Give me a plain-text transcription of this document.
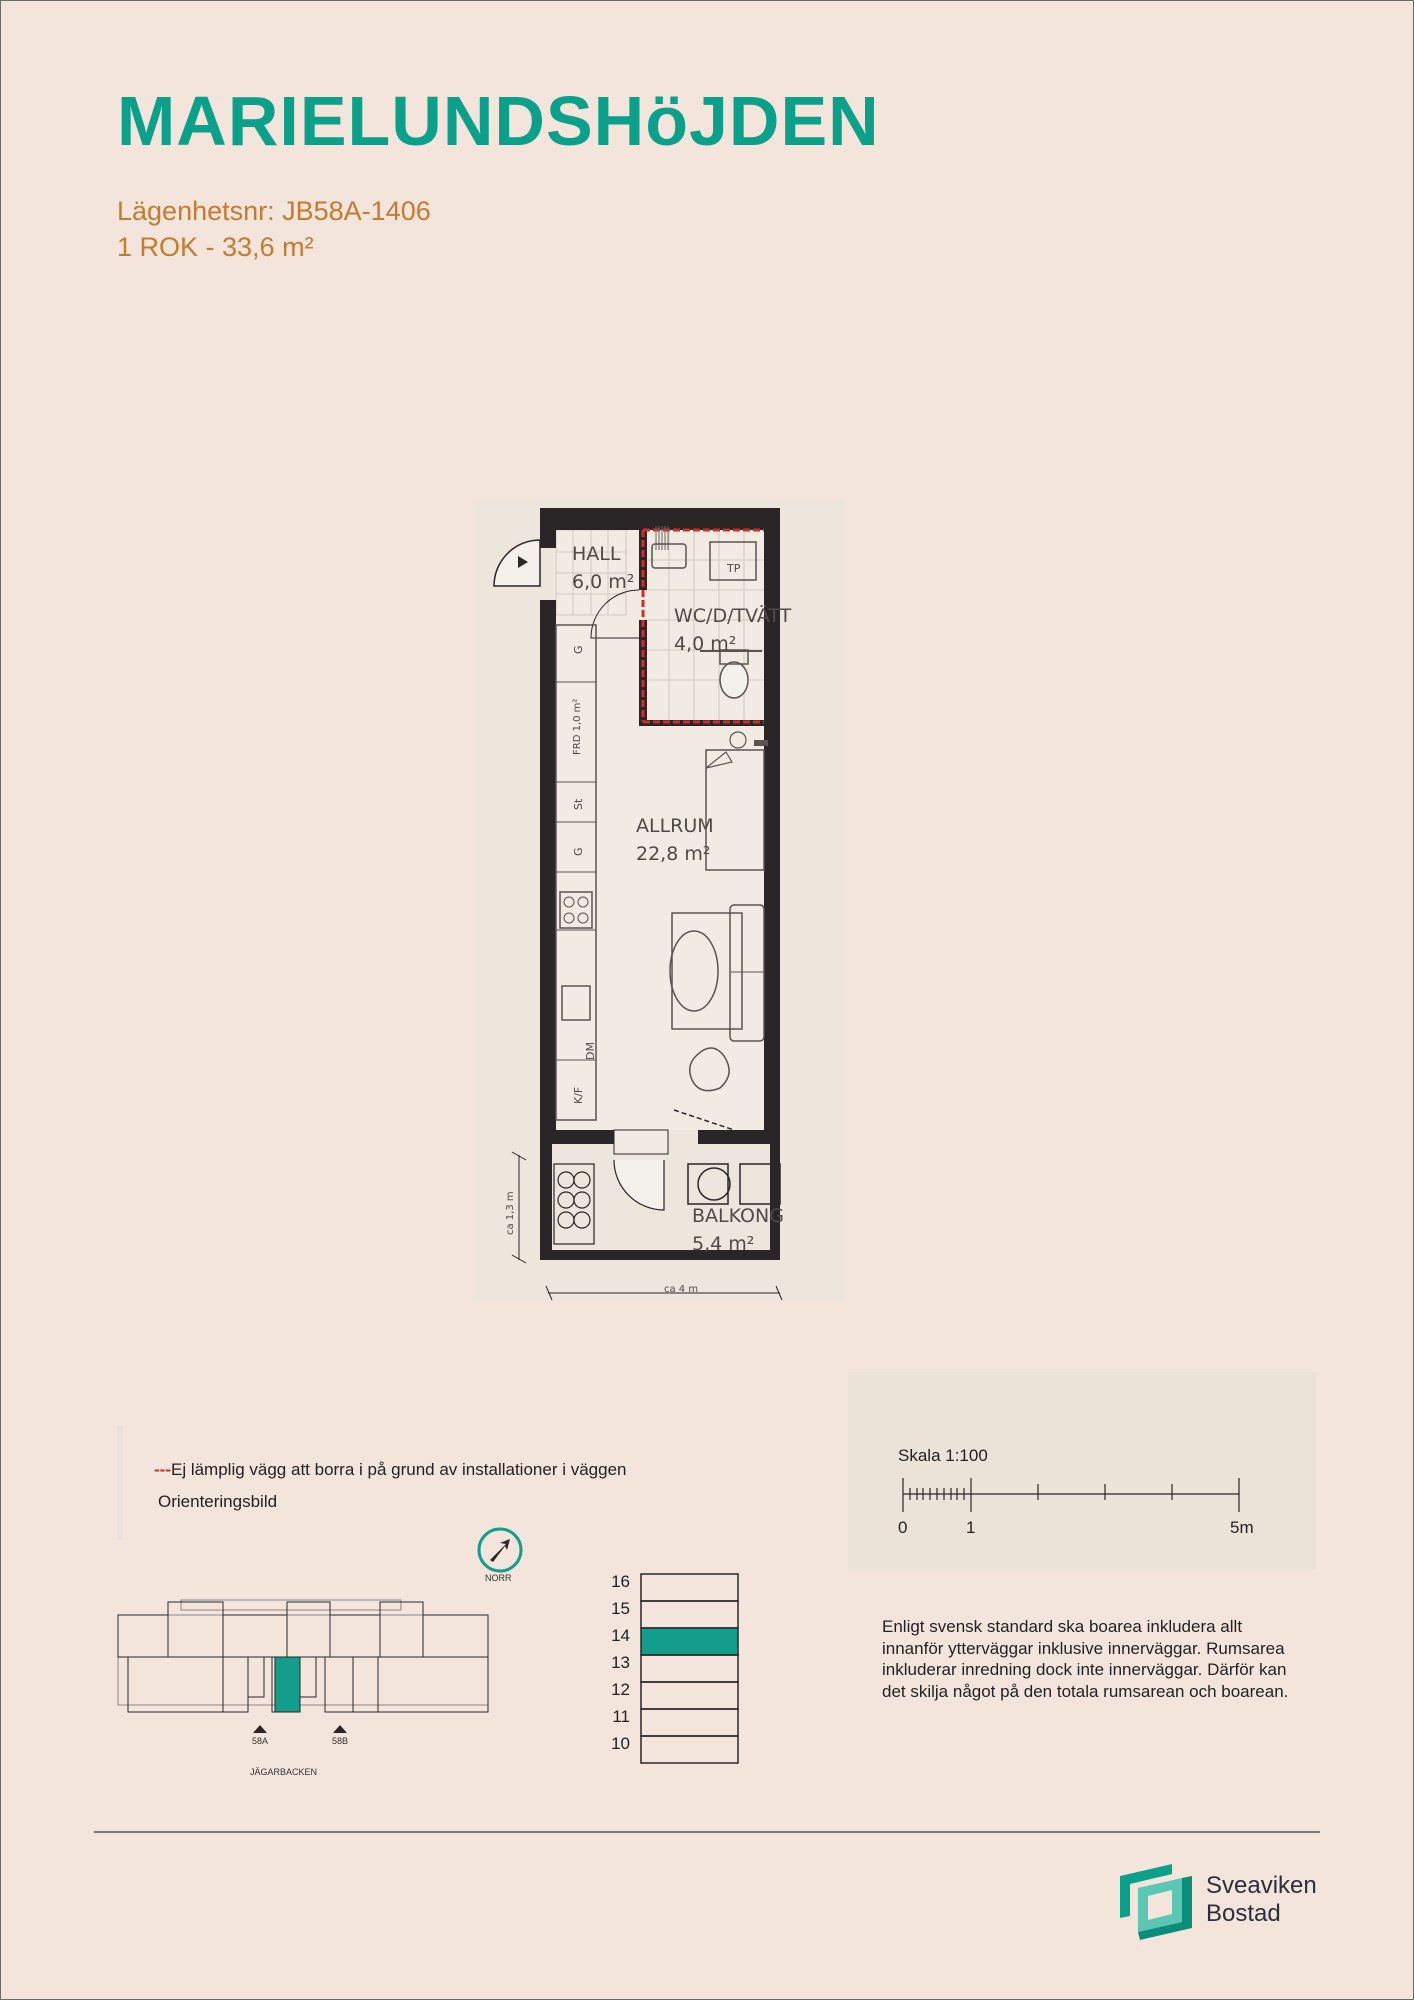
MARIELUNDSHöJDEN
Lägenhetsnr: JB58A-1406
1 ROK - 33,6 m²
HALL
6,0 m²
WC/D/TVÄTT
4,0 m²
ALLRUM
22,8 m²
BALKONG
5,4 m²
G
FRD 1,0 m²
St
G
DM
K/F
TP
ca 1,3 m
ca 4 m
---Ej lämplig vägg att borra i på grund av installationer i väggen
Orienteringsbild
NORR
58A	58B
JÄGARBACKEN
16
15
14
13
12
11
10
Skala 1:100
0	1	5m
Enligt svensk standard ska boarea inkludera allt innanför ytterväggar inklusive innerväggar. Rumsarea inkluderar inredning dock inte innerväggar. Därför kan det skilja något på den totala rumsarean och boarean.
Sveaviken
Bostad
